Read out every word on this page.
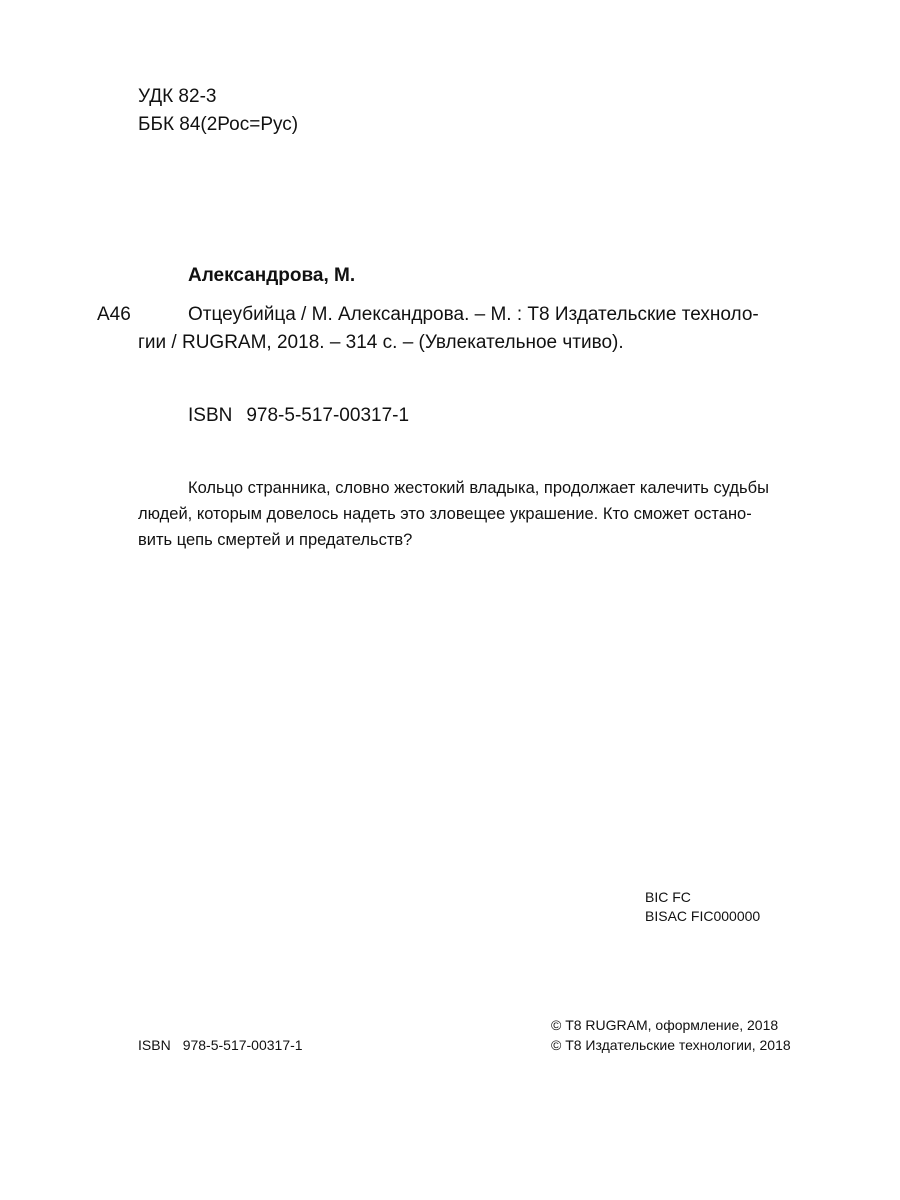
УДК 82-3
ББК 84(2Рос=Рус)
Александрова, М.
А46	Отцеубийца / М. Александрова. – М. : Т8 Издательские техноло-
гии / RUGRAM, 2018. – 314 с. – (Увлекательное чтиво).
ISBN 978-5-517-00317-1
Кольцо странника, словно жестокий владыка, продолжает калечить судьбы
людей, которым довелось надеть это зловещее украшение. Кто сможет остано-
вить цепь смертей и предательств?
BIC FC
BISAC FIC000000
© Т8 RUGRAM, оформление, 2018
© Т8 Издательские технологии, 2018
ISBN 978-5-517-00317-1
